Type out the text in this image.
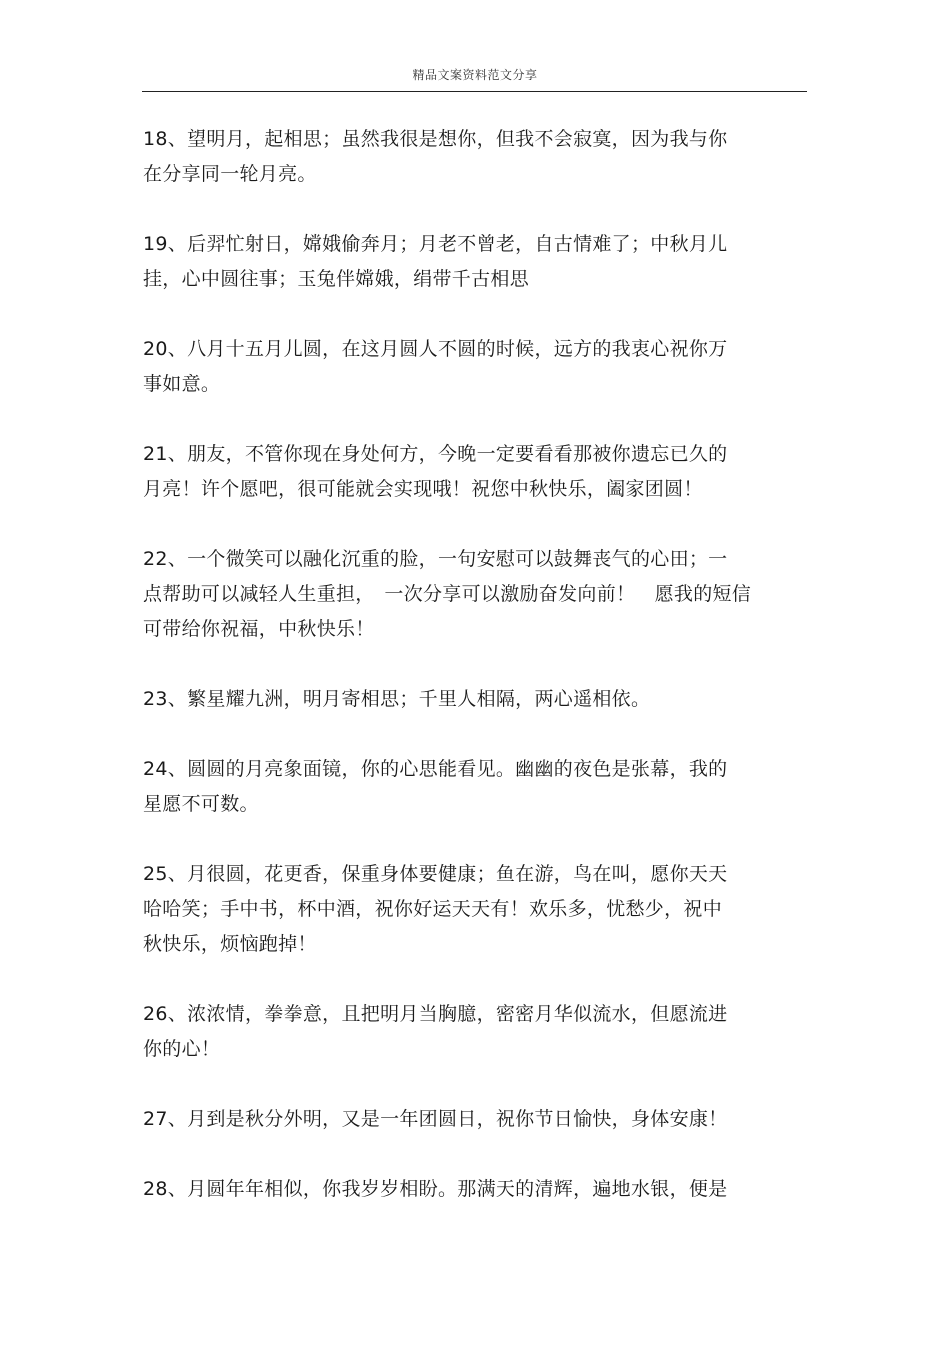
精品文案资料范文分享

18、望明月，起相思；虽然我很是想你，但我不会寂寞，因为我与你
在分享同一轮月亮。

19、后羿忙射日，嫦娥偷奔月；月老不曾老，自古情难了；中秋月儿
挂，心中圆往事；玉兔伴嫦娥，绢带千古相思

20、八月十五月儿圆，在这月圆人不圆的时候，远方的我衷心祝你万
事如意。

21、朋友，不管你现在身处何方，今晚一定要看看那被你遗忘已久的
月亮！许个愿吧，很可能就会实现哦！祝您中秋快乐，阖家团圆！

22、一个微笑可以融化沉重的脸，一句安慰可以鼓舞丧气的心田；一
点帮助可以减轻人生重担，　一次分享可以激励奋发向前！　愿我的短信
可带给你祝福，中秋快乐！

23、繁星耀九洲，明月寄相思；千里人相隔，两心遥相依。

24、圆圆的月亮象面镜，你的心思能看见。幽幽的夜色是张幕，我的
星愿不可数。

25、月很圆，花更香，保重身体要健康；鱼在游，鸟在叫，愿你天天
哈哈笑；手中书，杯中酒，祝你好运天天有！欢乐多，忧愁少，祝中
秋快乐，烦恼跑掉！

26、浓浓情，拳拳意，且把明月当胸臆，密密月华似流水，但愿流进
你的心！

27、月到是秋分外明，又是一年团圆日，祝你节日愉快，身体安康！

28、月圆年年相似，你我岁岁相盼。那满天的清辉，遍地水银，便是
